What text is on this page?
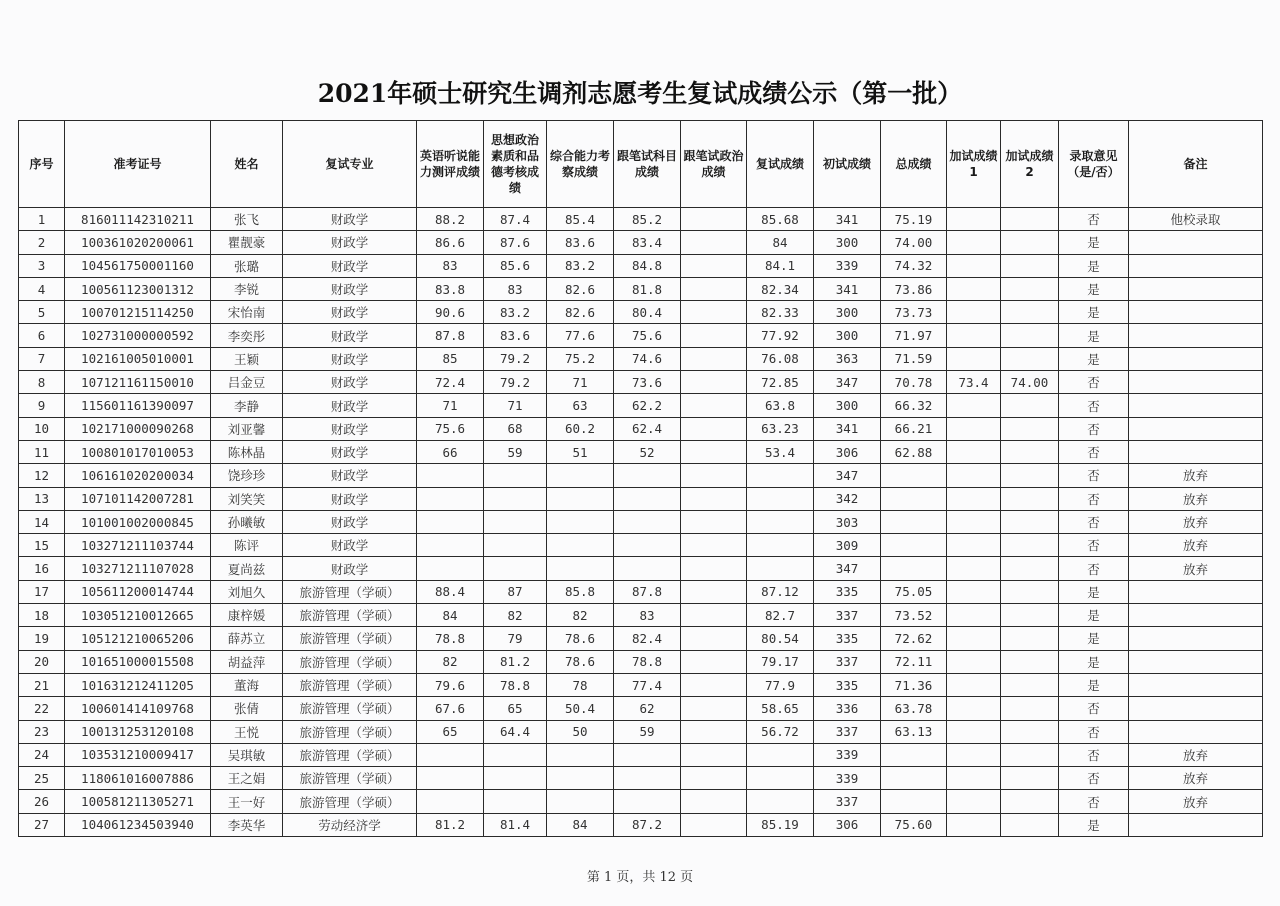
2021年硕士研究生调剂志愿考生复试成绩公示（第一批）
序号	准考证号	姓名	复试专业	英语听说能力测评成绩	思想政治素质和品德考核成绩	综合能力考察成绩	跟笔试科目成绩	跟笔试政治成绩	复试成绩	初试成绩	总成绩	加试成绩1	加试成绩2	录取意见（是/否）	备注

1	816011142310211	张飞	财政学	88.2	87.4	85.4	85.2		85.68	341	75.19			否	他校录取
2	100361020200061	瞿靓豪	财政学	86.6	87.6	83.6	83.4		84	300	74.00			是	
3	104561750001160	张璐	财政学	83	85.6	83.2	84.8		84.1	339	74.32			是	
4	100561123001312	李锐	财政学	83.8	83	82.6	81.8		82.34	341	73.86			是	
5	100701215114250	宋怡南	财政学	90.6	83.2	82.6	80.4		82.33	300	73.73			是	
6	102731000000592	李奕彤	财政学	87.8	83.6	77.6	75.6		77.92	300	71.97			是	
7	102161005010001	王颖	财政学	85	79.2	75.2	74.6		76.08	363	71.59			是	
8	107121161150010	吕金豆	财政学	72.4	79.2	71	73.6		72.85	347	70.78	73.4	74.00	否	
9	115601161390097	李静	财政学	71	71	63	62.2		63.8	300	66.32			否	
10	102171000090268	刘亚馨	财政学	75.6	68	60.2	62.4		63.23	341	66.21			否	
11	100801017010053	陈林晶	财政学	66	59	51	52		53.4	306	62.88			否	
12	106161020200034	饶珍珍	财政学							347				否	放弃
13	107101142007281	刘笑笑	财政学							342				否	放弃
14	101001002000845	孙曦敏	财政学							303				否	放弃
15	103271211103744	陈评	财政学							309				否	放弃
16	103271211107028	夏尚兹	财政学							347				否	放弃
17	105611200014744	刘旭久	旅游管理（学硕）	88.4	87	85.8	87.8		87.12	335	75.05			是	
18	103051210012665	康梓媛	旅游管理（学硕）	84	82	82	83		82.7	337	73.52			是	
19	105121210065206	薛苏立	旅游管理（学硕）	78.8	79	78.6	82.4		80.54	335	72.62			是	
20	101651000015508	胡益萍	旅游管理（学硕）	82	81.2	78.6	78.8		79.17	337	72.11			是	
21	101631212411205	董海	旅游管理（学硕）	79.6	78.8	78	77.4		77.9	335	71.36			是	
22	100601414109768	张倩	旅游管理（学硕）	67.6	65	50.4	62		58.65	336	63.78			否	
23	100131253120108	王悦	旅游管理（学硕）	65	64.4	50	59		56.72	337	63.13			否	
24	103531210009417	吴琪敏	旅游管理（学硕）							339				否	放弃
25	118061016007886	王之娟	旅游管理（学硕）							339				否	放弃
26	100581211305271	王一好	旅游管理（学硕）							337				否	放弃
27	104061234503940	李英华	劳动经济学	81.2	81.4	84	87.2		85.19	306	75.60			是	
第 1 页，共 12 页
